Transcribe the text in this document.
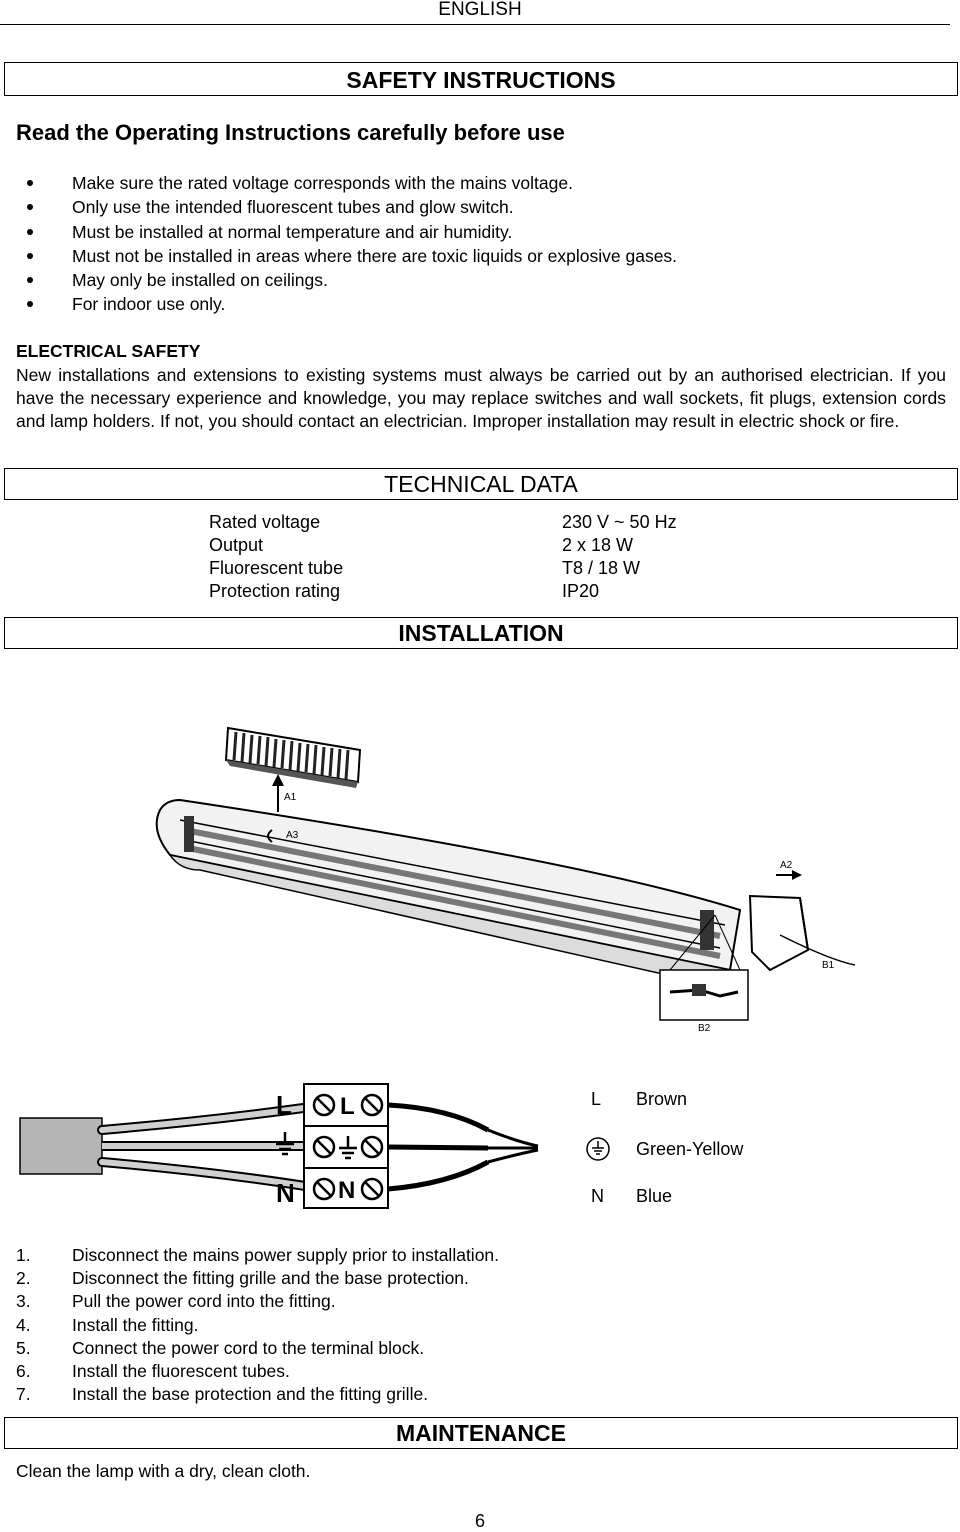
ENGLISH
SAFETY INSTRUCTIONS
Read the Operating Instructions carefully before use
Make sure the rated voltage corresponds with the mains voltage.
Only use the intended fluorescent tubes and glow switch.
Must be installed at normal temperature and air humidity.
Must not be installed in areas where there are toxic liquids or explosive gases.
May only be installed on ceilings.
For indoor use only.
ELECTRICAL SAFETY
New installations and extensions to existing systems must always be carried out by an authorised electrician. If you have the necessary experience and knowledge, you may replace switches and wall sockets, fit plugs, extension cords and lamp holders. If not, you should contact an electrician. Improper installation may result in electric shock or fire.
TECHNICAL DATA
Rated voltage	230 V ~ 50 Hz
Output	2 x 18 W
Fluorescent tube	T8 / 18 W
Protection rating	IP20
INSTALLATION
A1
A3
A2
B1
B2
L
N
L
N
L Brown
Green-Yellow
N Blue
1. Disconnect the mains power supply prior to installation.
2. Disconnect the fitting grille and the base protection.
3. Pull the power cord into the fitting.
4. Install the fitting.
5. Connect the power cord to the terminal block.
6. Install the fluorescent tubes.
7. Install the base protection and the fitting grille.
MAINTENANCE
Clean the lamp with a dry, clean cloth.
6
